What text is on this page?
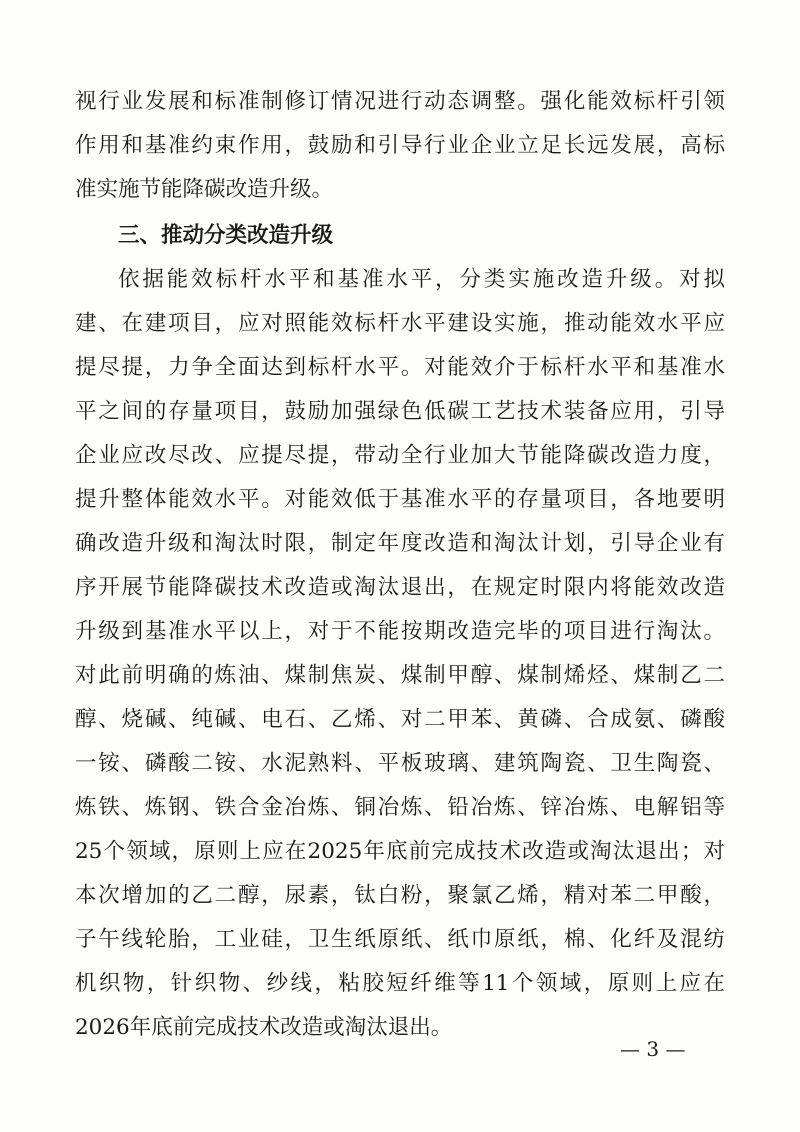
视行业发展和标准制修订情况进行动态调整。强化能效标杆引领
作用和基准约束作用，鼓励和引导行业企业立足长远发展，高标
准实施节能降碳改造升级。
三、推动分类改造升级
依据能效标杆水平和基准水平，分类实施改造升级。对拟
建、在建项目，应对照能效标杆水平建设实施，推动能效水平应
提尽提，力争全面达到标杆水平。对能效介于标杆水平和基准水
平之间的存量项目，鼓励加强绿色低碳工艺技术装备应用，引导
企业应改尽改、应提尽提，带动全行业加大节能降碳改造力度，
提升整体能效水平。对能效低于基准水平的存量项目，各地要明
确改造升级和淘汰时限，制定年度改造和淘汰计划，引导企业有
序开展节能降碳技术改造或淘汰退出，在规定时限内将能效改造
升级到基准水平以上，对于不能按期改造完毕的项目进行淘汰。
对此前明确的炼油、煤制焦炭、煤制甲醇、煤制烯烃、煤制乙二
醇、烧碱、纯碱、电石、乙烯、对二甲苯、黄磷、合成氨、磷酸
一铵、磷酸二铵、水泥熟料、平板玻璃、建筑陶瓷、卫生陶瓷、
炼铁、炼钢、铁合金冶炼、铜冶炼、铅冶炼、锌冶炼、电解铝等
25个领域，原则上应在2025年底前完成技术改造或淘汰退出；对
本次增加的乙二醇，尿素，钛白粉，聚氯乙烯，精对苯二甲酸，
子午线轮胎，工业硅，卫生纸原纸、纸巾原纸，棉、化纤及混纺
机织物，针织物、纱线，粘胶短纤维等11个领域，原则上应在
2026年底前完成技术改造或淘汰退出。
— 3 —
